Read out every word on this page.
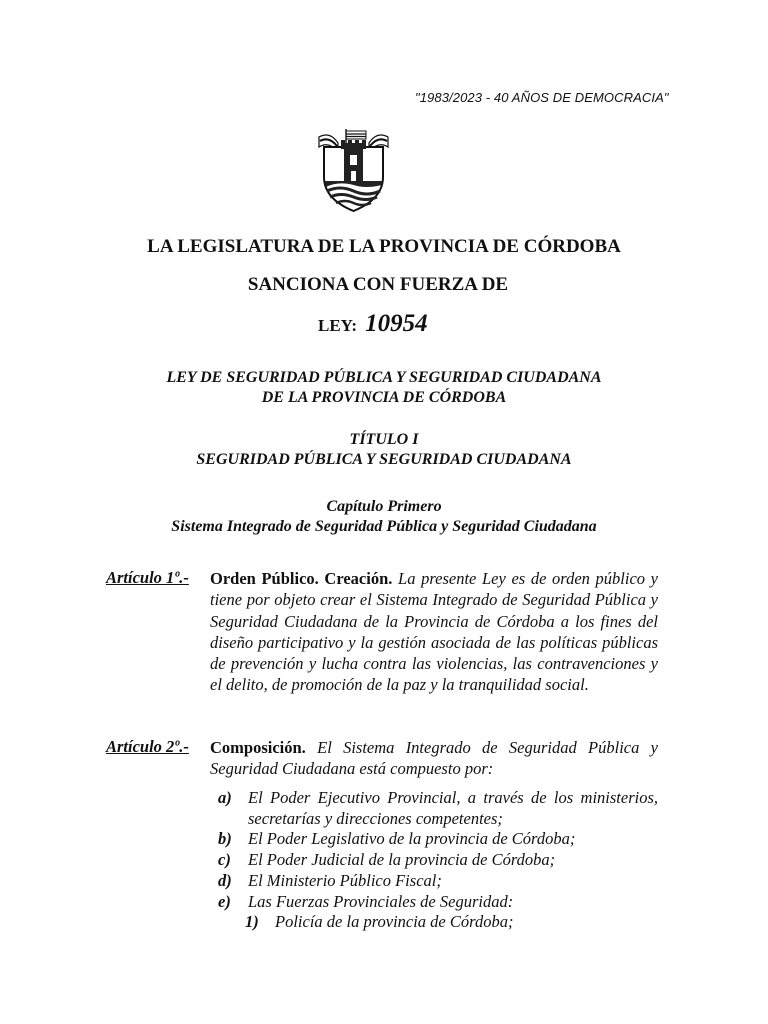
"1983/2023 - 40 AÑOS DE DEMOCRACIA"
LA LEGISLATURA DE LA PROVINCIA DE CÓRDOBA
SANCIONA CON FUERZA DE
LEY: 10954
LEY DE SEGURIDAD PÚBLICA Y SEGURIDAD CIUDADANA
DE LA PROVINCIA DE CÓRDOBA
TÍTULO I
SEGURIDAD PÚBLICA Y SEGURIDAD CIUDADANA
Capítulo Primero
Sistema Integrado de Seguridad Pública y Seguridad Ciudadana
Artículo 1º.- Orden Público. Creación. La presente Ley es de orden público y tiene por objeto crear el Sistema Integrado de Seguridad Pública y Seguridad Ciudadana de la Provincia de Córdoba a los fines del diseño participativo y la gestión asociada de las políticas públicas de prevención y lucha contra las violencias, las contravenciones y el delito, de promoción de la paz y la tranquilidad social.
Artículo 2º.- Composición. El Sistema Integrado de Seguridad Pública y Seguridad Ciudadana está compuesto por:
a) El Poder Ejecutivo Provincial, a través de los ministerios, secretarías y direcciones competentes;
b) El Poder Legislativo de la provincia de Córdoba;
c) El Poder Judicial de la provincia de Córdoba;
d) El Ministerio Público Fiscal;
e) Las Fuerzas Provinciales de Seguridad:
1) Policía de la provincia de Córdoba;
